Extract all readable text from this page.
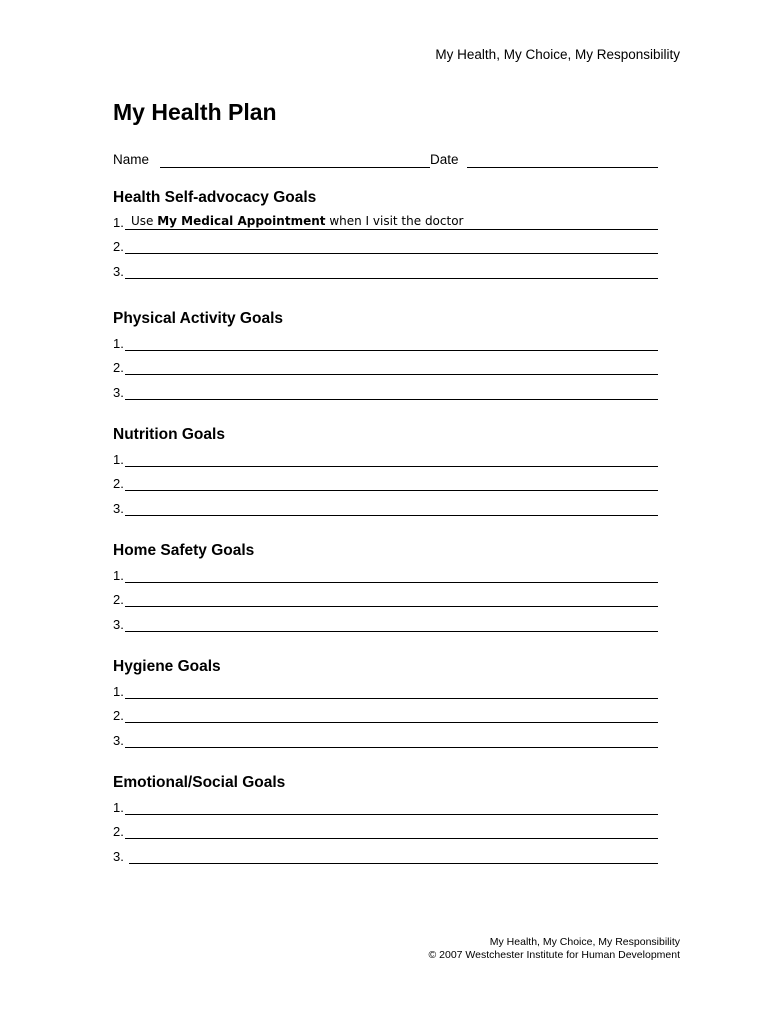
My Health, My Choice, My Responsibility
My Health Plan
Name	Date
Health Self-advocacy Goals
1. Use My Medical Appointment when I visit the doctor
2.
3.
Physical Activity Goals
1.
2.
3.
Nutrition Goals
1.
2.
3.
Home Safety Goals
1.
2.
3.
Hygiene Goals
1.
2.
3.
Emotional/Social Goals
1.
2.
3.
My Health, My Choice, My Responsibility
© 2007 Westchester Institute for Human Development
